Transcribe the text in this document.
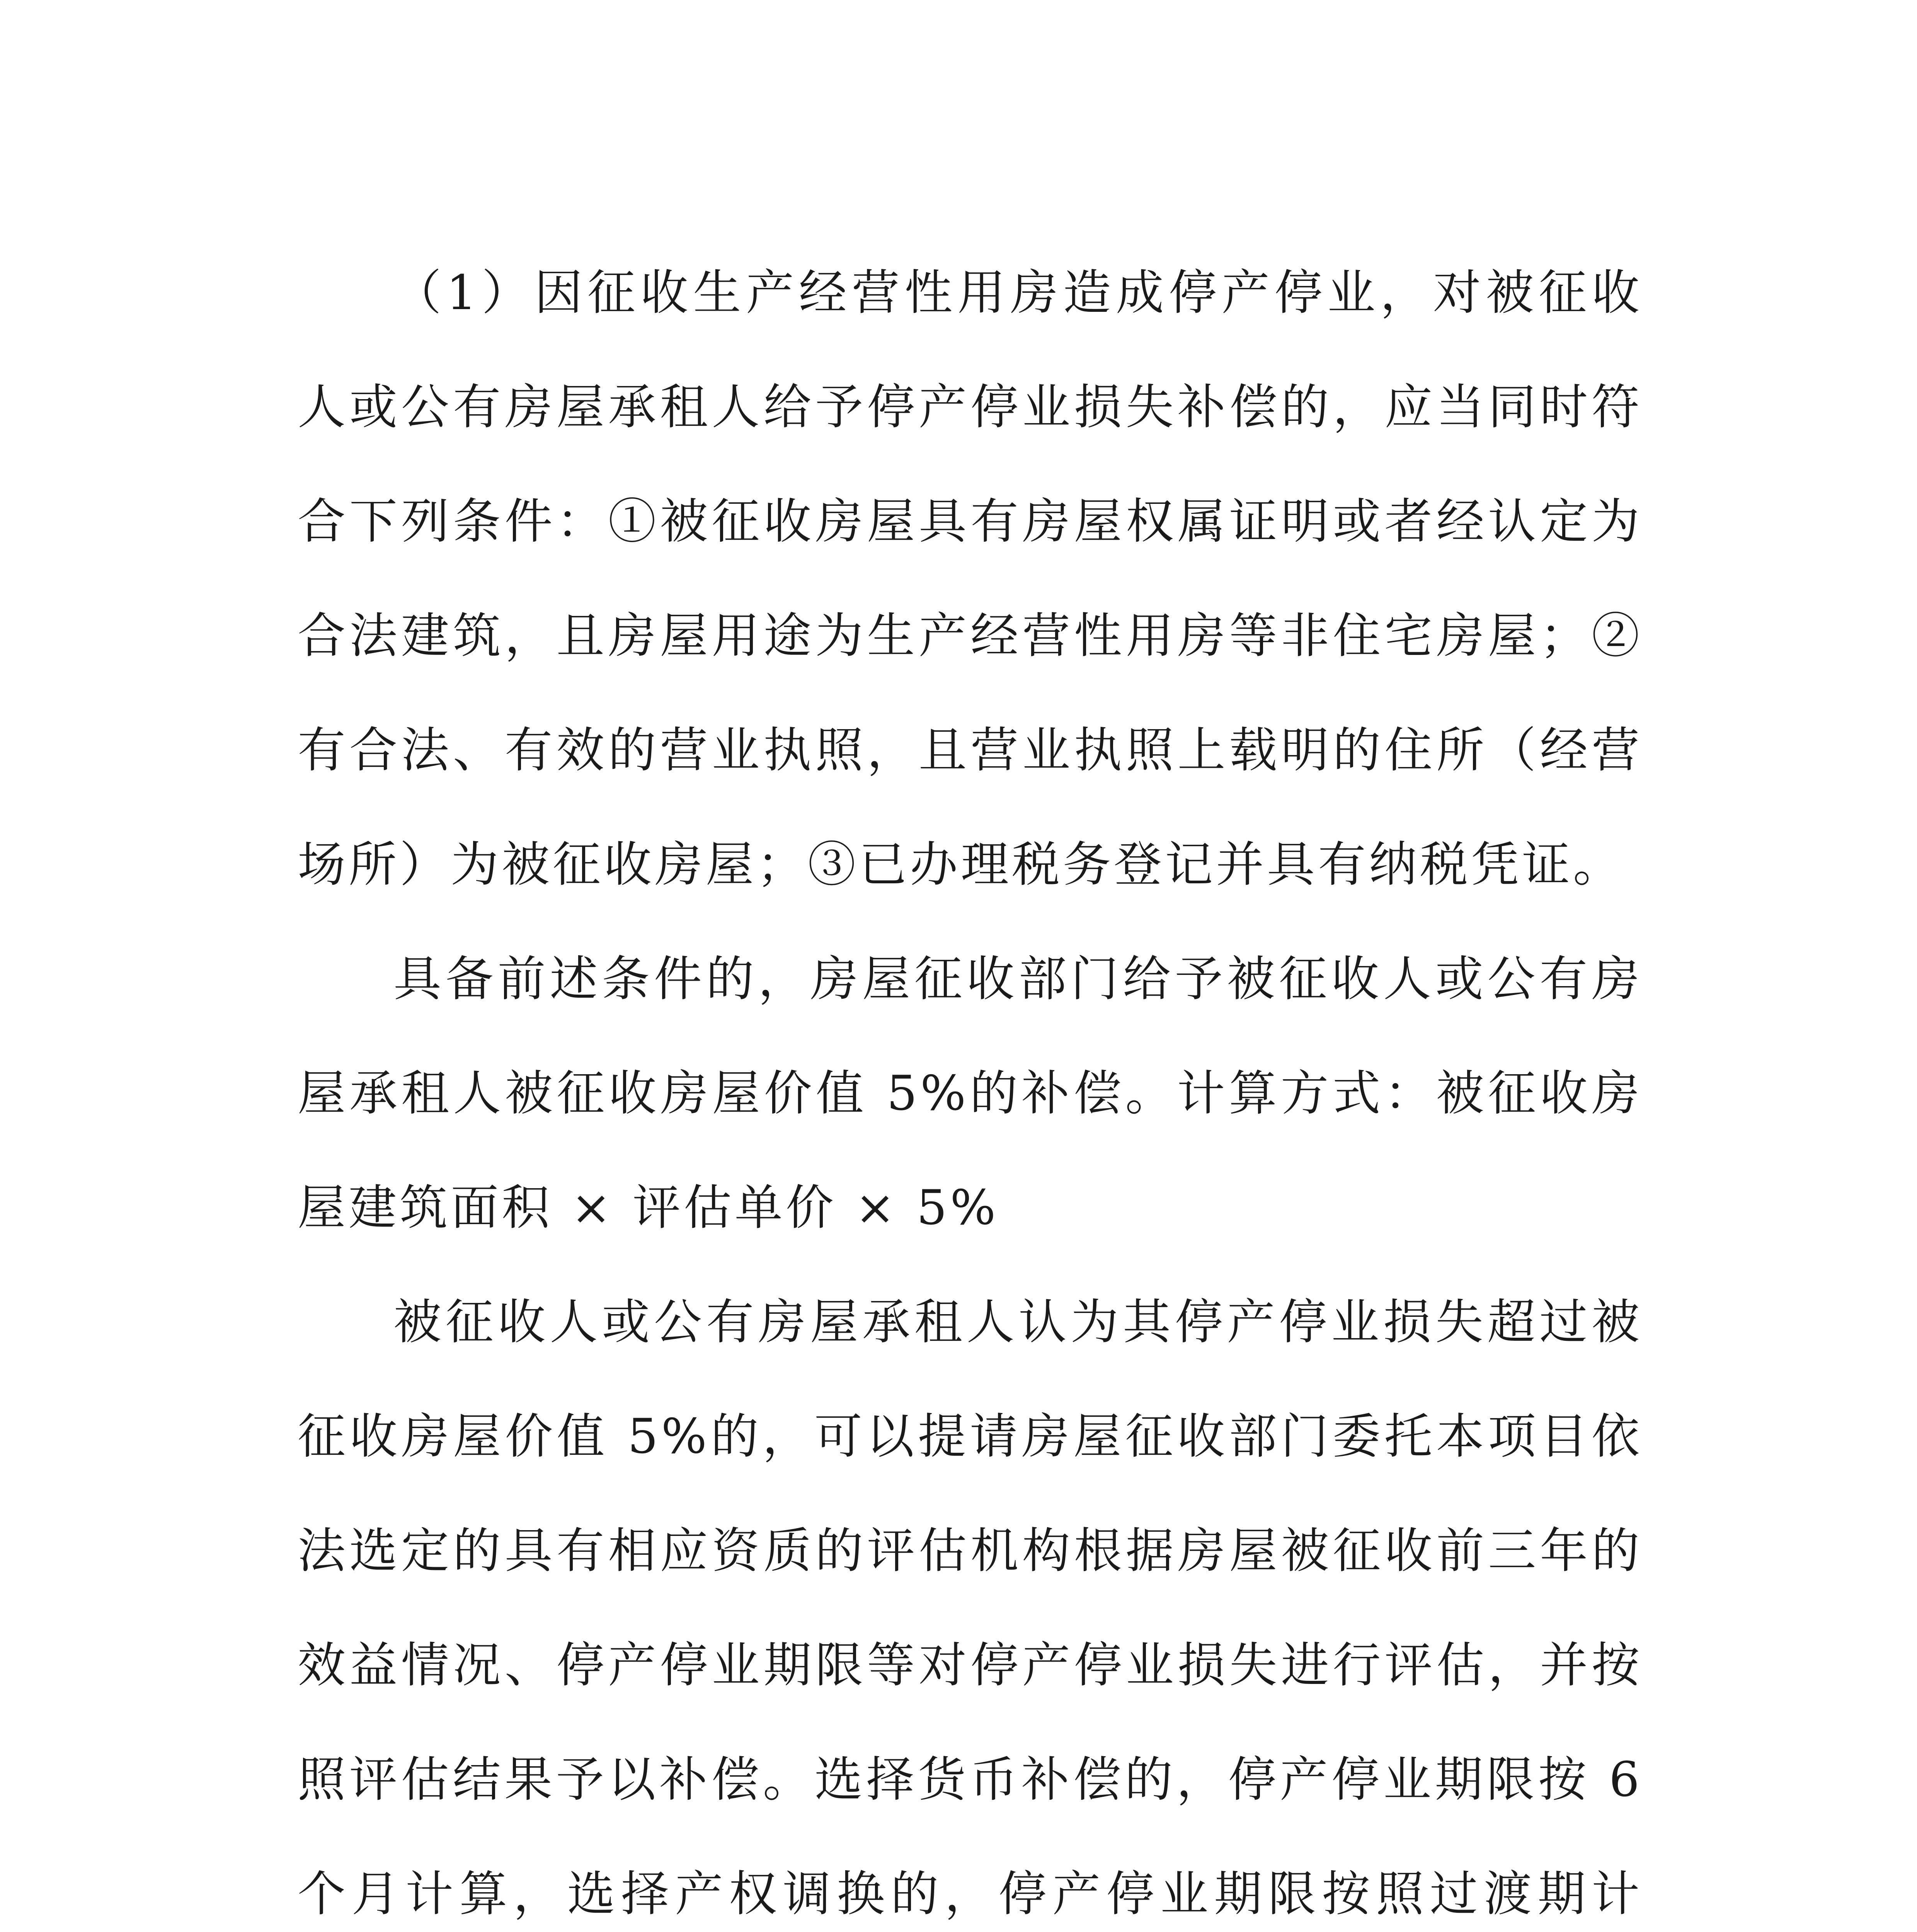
（1）因征收生产经营性用房造成停产停业，对被征收人或公有房屋承租人给予停产停业损失补偿的，应当同时符合下列条件：①被征收房屋具有房屋权属证明或者经认定为合法建筑，且房屋用途为生产经营性用房等非住宅房屋；②有合法、有效的营业执照，且营业执照上载明的住所（经营场所）为被征收房屋；③已办理税务登记并具有纳税凭证。

具备前述条件的，房屋征收部门给予被征收人或公有房屋承租人被征收房屋价值 5%的补偿。计算方式：被征收房屋建筑面积 × 评估单价 × 5%

被征收人或公有房屋承租人认为其停产停业损失超过被征收房屋价值 5%的，可以提请房屋征收部门委托本项目依法选定的具有相应资质的评估机构根据房屋被征收前三年的效益情况、停产停业期限等对停产停业损失进行评估，并按照评估结果予以补偿。选择货币补偿的，停产停业期限按 6 个月计算，选择产权调换的，停产停业期限按照过渡期计
